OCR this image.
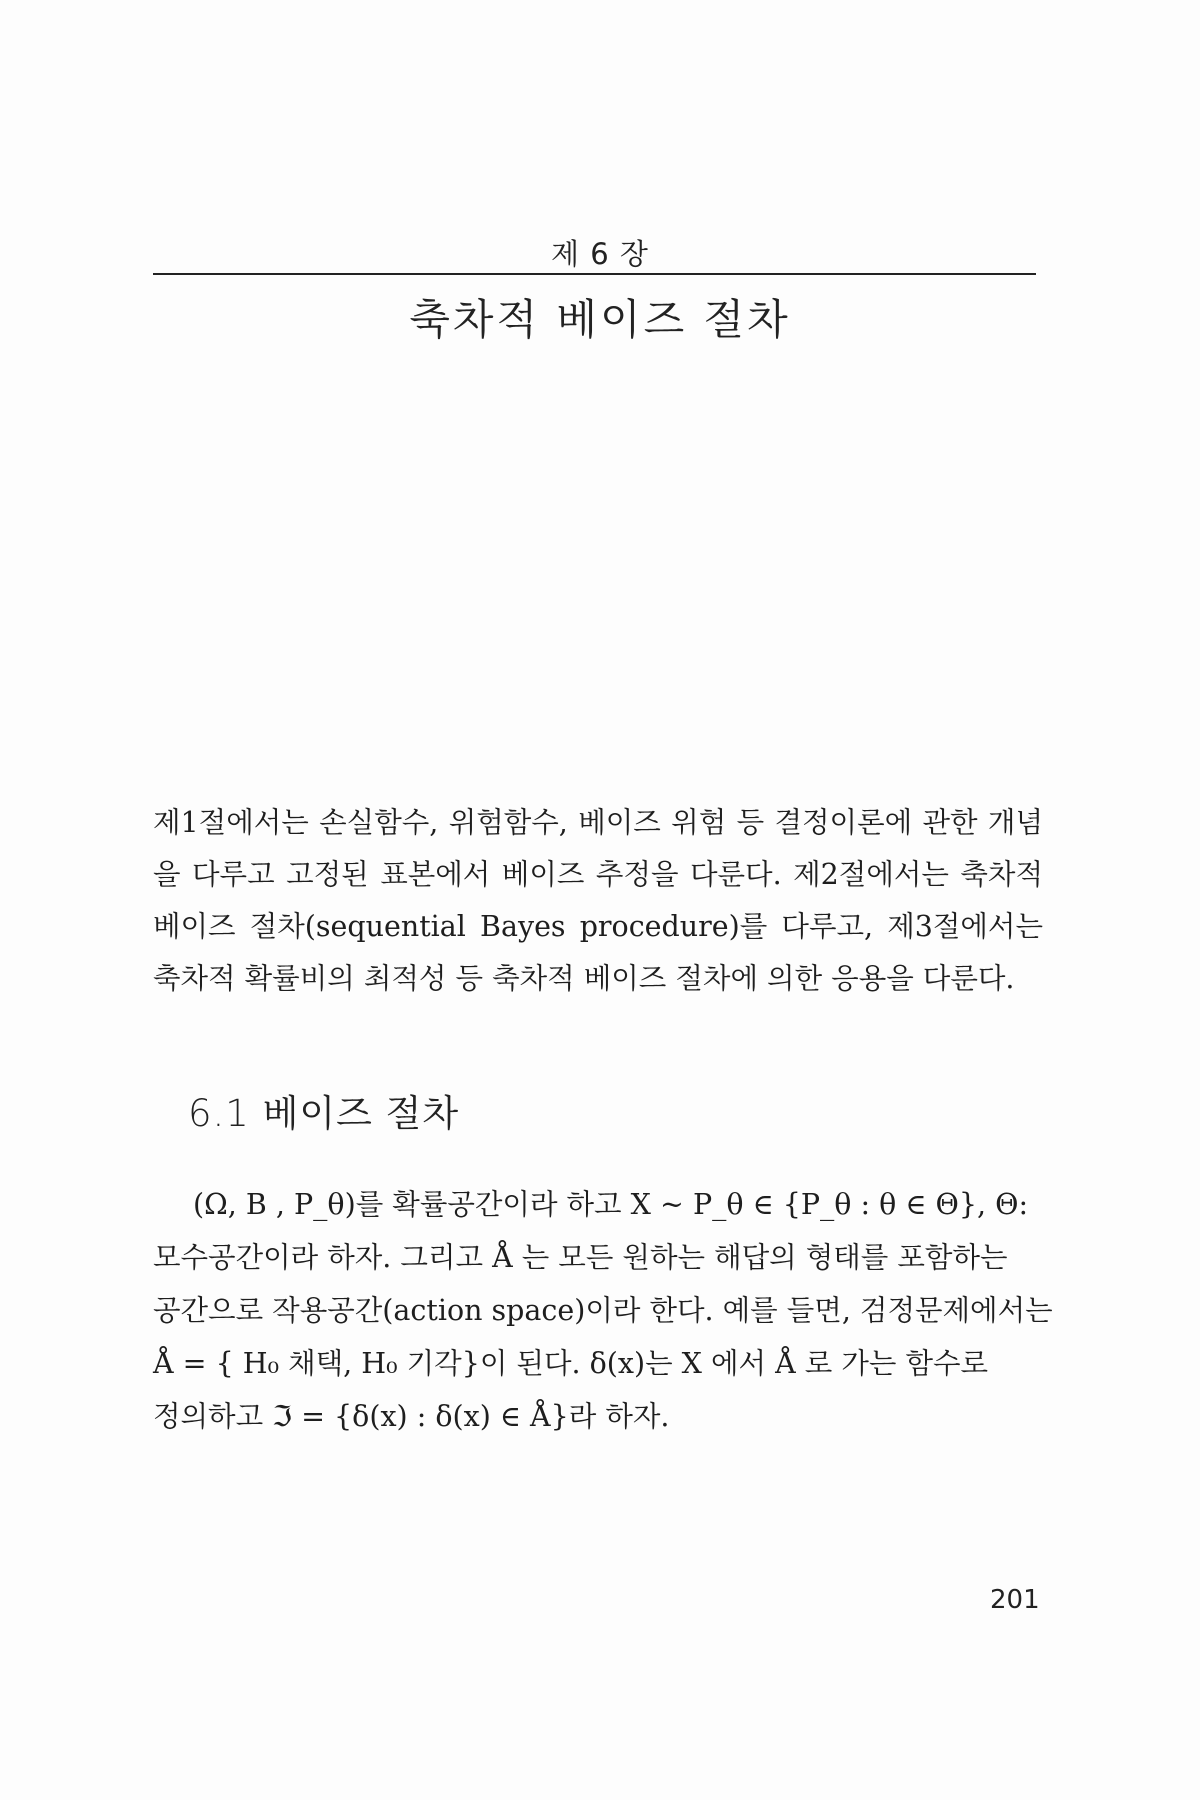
제 6 장
축차적 베이즈 절차

제1절에서는 손실함수, 위험함수, 베이즈 위험 등 결정이론에 관한 개념을 다루고 고정된 표본에서 베이즈 추정을 다룬다. 제2절에서는 축차적 베이즈 절차(sequential Bayes procedure)를 다루고, 제3절에서는 축차적 확률비의 최적성 등 축차적 베이즈 절차에 의한 응용을 다룬다.

6.1 베이즈 절차
(Ω, B , P_θ)를 확률공간이라 하고 X ~ P_θ ∈ {P_θ : θ ∈ Θ}, Θ:
모수공간이라 하자. 그리고 Å 는 모든 원하는 해답의 형태를 포함하는
공간으로 작용공간(action space)이라 한다. 예를 들면, 검정문제에서는
Å = { H₀ 채택, H₀ 기각}이 된다. δ(x)는 X 에서 Å 로 가는 함수로
정의하고 ℑ = {δ(x) : δ(x) ∈ Å}라 하자.
201
